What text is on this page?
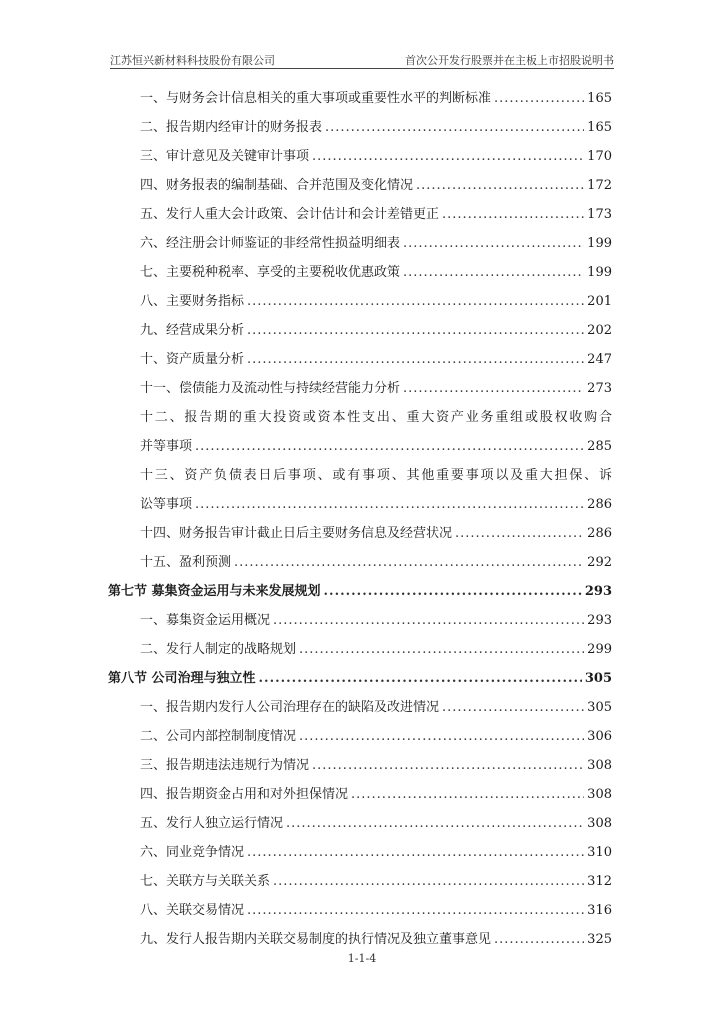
江苏恒兴新材料科技股份有限公司	首次公开发行股票并在主板上市招股说明书
一、与财务会计信息相关的重大事项或重要性水平的判断标准 .....	165
二、报告期内经审计的财务报表 .....	165
三、审计意见及关键审计事项 .....	170
四、财务报表的编制基础、合并范围及变化情况 .....	172
五、发行人重大会计政策、会计估计和会计差错更正 .....	173
六、经注册会计师鉴证的非经常性损益明细表 .....	199
七、主要税种税率、享受的主要税收优惠政策 .....	199
八、主要财务指标 .....	201
九、经营成果分析 .....	202
十、资产质量分析 .....	247
十一、偿债能力及流动性与持续经营能力分析 .....	273
十二、报告期的重大投资或资本性支出、重大资产业务重组或股权收购合
并等事项 .....	285
十三、资产负债表日后事项、或有事项、其他重要事项以及重大担保、诉
讼等事项 .....	286
十四、财务报告审计截止日后主要财务信息及经营状况 .....	286
十五、盈利预测 .....	292
第七节 募集资金运用与未来发展规划 .....	293
一、募集资金运用概况 .....	293
二、发行人制定的战略规划 .....	299
第八节 公司治理与独立性 .....	305
一、报告期内发行人公司治理存在的缺陷及改进情况 .....	305
二、公司内部控制制度情况 .....	306
三、报告期违法违规行为情况 .....	308
四、报告期资金占用和对外担保情况 .....	308
五、发行人独立运行情况 .....	308
六、同业竞争情况 .....	310
七、关联方与关联关系 .....	312
八、关联交易情况 .....	316
九、发行人报告期内关联交易制度的执行情况及独立董事意见 .....	325
1-1-4
